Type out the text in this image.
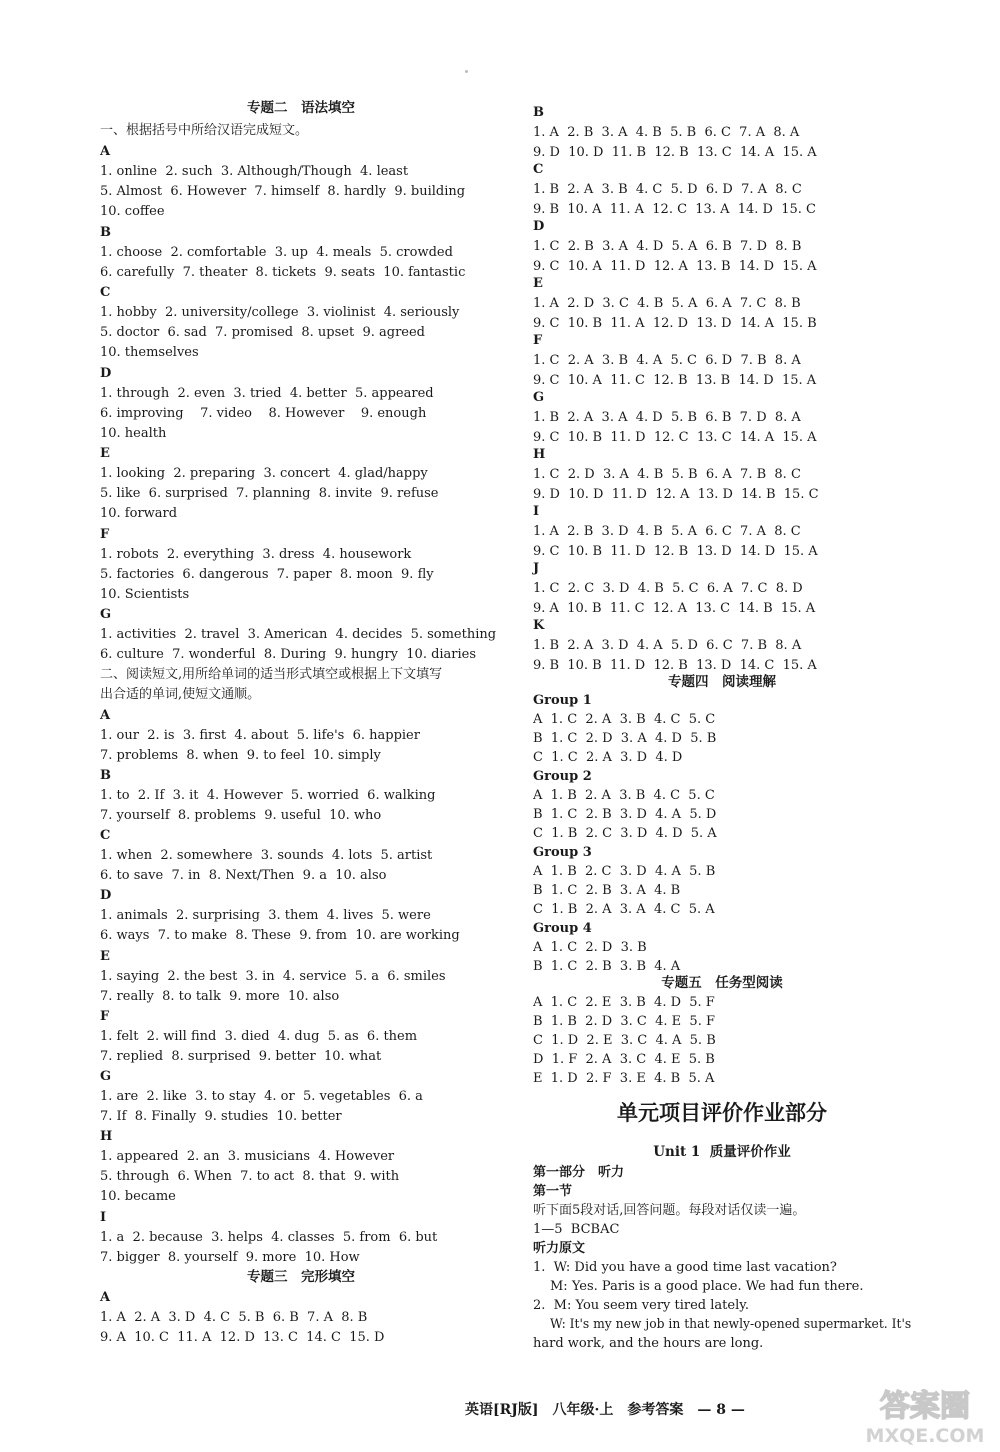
专题二　语法填空
一、根据括号中所给汉语完成短文。
A
1. online  2. such  3. Although/Though  4. least
5. Almost  6. However  7. himself  8. hardly  9. building
10. coffee
B
1. choose  2. comfortable  3. up  4. meals  5. crowded
6. carefully  7. theater  8. tickets  9. seats  10. fantastic
C
1. hobby  2. university/college  3. violinist  4. seriously
5. doctor  6. sad  7. promised  8. upset  9. agreed
10. themselves
D
1. through  2. even  3. tried  4. better  5. appeared
6. improving    7. video    8. However    9. enough
10. health
E
1. looking  2. preparing  3. concert  4. glad/happy
5. like  6. surprised  7. planning  8. invite  9. refuse
10. forward
F
1. robots  2. everything  3. dress  4. housework
5. factories  6. dangerous  7. paper  8. moon  9. fly
10. Scientists
G
1. activities  2. travel  3. American  4. decides  5. something
6. culture  7. wonderful  8. During  9. hungry  10. diaries
二、阅读短文,用所给单词的适当形式填空或根据上下文填写
出合适的单词,使短文通顺。
A
1. our  2. is  3. first  4. about  5. life's  6. happier
7. problems  8. when  9. to feel  10. simply
B
1. to  2. If  3. it  4. However  5. worried  6. walking
7. yourself  8. problems  9. useful  10. who
C
1. when  2. somewhere  3. sounds  4. lots  5. artist
6. to save  7. in  8. Next/Then  9. a  10. also
D
1. animals  2. surprising  3. them  4. lives  5. were
6. ways  7. to make  8. These  9. from  10. are working
E
1. saying  2. the best  3. in  4. service  5. a  6. smiles
7. really  8. to talk  9. more  10. also
F
1. felt  2. will find  3. died  4. dug  5. as  6. them
7. replied  8. surprised  9. better  10. what
G
1. are  2. like  3. to stay  4. or  5. vegetables  6. a
7. If  8. Finally  9. studies  10. better
H
1. appeared  2. an  3. musicians  4. However
5. through  6. When  7. to act  8. that  9. with
10. became
I
1. a  2. because  3. helps  4. classes  5. from  6. but
7. bigger  8. yourself  9. more  10. How
专题三　完形填空
A
1. A  2. A  3. D  4. C  5. B  6. B  7. A  8. B
9. A  10. C  11. A  12. D  13. C  14. C  15. D
B
1. A  2. B  3. A  4. B  5. B  6. C  7. A  8. A
9. D  10. D  11. B  12. B  13. C  14. A  15. A
C
1. B  2. A  3. B  4. C  5. D  6. D  7. A  8. C
9. B  10. A  11. A  12. C  13. A  14. D  15. C
D
1. C  2. B  3. A  4. D  5. A  6. B  7. D  8. B
9. C  10. A  11. D  12. A  13. B  14. D  15. A
E
1. A  2. D  3. C  4. B  5. A  6. A  7. C  8. B
9. C  10. B  11. A  12. D  13. D  14. A  15. B
F
1. C  2. A  3. B  4. A  5. C  6. D  7. B  8. A
9. C  10. A  11. C  12. B  13. B  14. D  15. A
G
1. B  2. A  3. A  4. D  5. B  6. B  7. D  8. A
9. C  10. B  11. D  12. C  13. C  14. A  15. A
H
1. C  2. D  3. A  4. B  5. B  6. A  7. B  8. C
9. D  10. D  11. D  12. A  13. D  14. B  15. C
I
1. A  2. B  3. D  4. B  5. A  6. C  7. A  8. C
9. C  10. B  11. D  12. B  13. D  14. D  15. A
J
1. C  2. C  3. D  4. B  5. C  6. A  7. C  8. D
9. A  10. B  11. C  12. A  13. C  14. B  15. A
K
1. B  2. A  3. D  4. A  5. D  6. C  7. B  8. A
9. B  10. B  11. D  12. B  13. D  14. C  15. A
专题四　阅读理解
Group 1
A  1. C  2. A  3. B  4. C  5. C
B  1. C  2. D  3. A  4. D  5. B
C  1. C  2. A  3. D  4. D
Group 2
A  1. B  2. A  3. B  4. C  5. C
B  1. C  2. B  3. D  4. A  5. D
C  1. B  2. C  3. D  4. D  5. A
Group 3
A  1. B  2. C  3. D  4. A  5. B
B  1. C  2. B  3. A  4. B
C  1. B  2. A  3. A  4. C  5. A
Group 4
A  1. C  2. D  3. B
B  1. C  2. B  3. B  4. A
专题五　任务型阅读
A  1. C  2. E  3. B  4. D  5. F
B  1. B  2. D  3. C  4. E  5. F
C  1. D  2. E  3. C  4. A  5. B
D  1. F  2. A  3. C  4. E  5. B
E  1. D  2. F  3. E  4. B  5. A
单元项目评价作业部分
Unit 1  质量评价作业
第一部分　听力
第一节
听下面5段对话,回答问题。每段对话仅读一遍。
1—5  BCBAC
听力原文
1.  W: Did you have a good time last vacation?
M: Yes. Paris is a good place. We had fun there.
2.  M: You seem very tired lately.
W: It's my new job in that newly-opened supermarket. It's
hard work, and the hours are long.
英语[RJ版]　八年级·上　参考答案　— 8 —	答案圈
MXQE.COM
